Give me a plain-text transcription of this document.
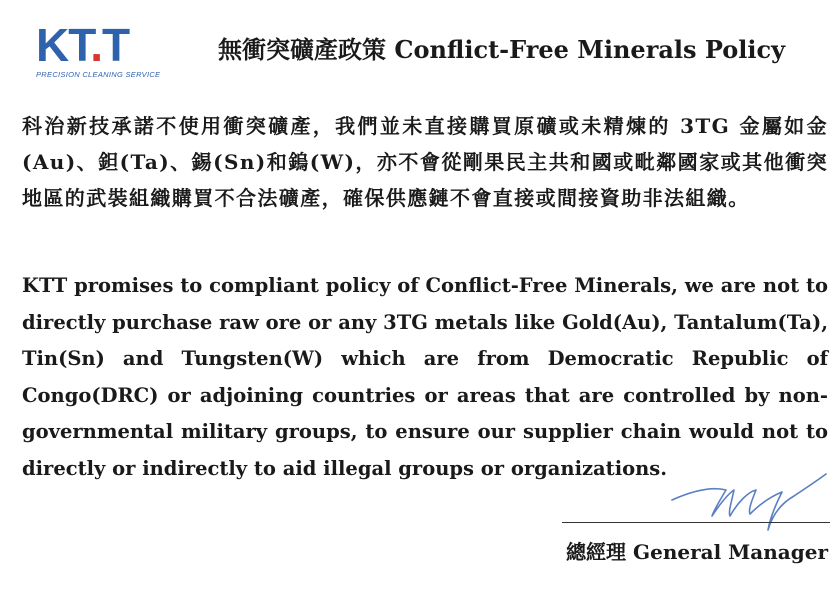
KT.T
PRECISION CLEANING SERVICE
無衝突礦產政策 Conflict-Free Minerals Policy
科治新技承諾不使用衝突礦產，我們並未直接購買原礦或未精煉的 3TG 金屬如金(Au)、鉭(Ta)、錫(Sn)和鎢(W)，亦不會從剛果民主共和國或毗鄰國家或其他衝突地區的武裝組織購買不合法礦產，確保供應鏈不會直接或間接資助非法組織。
KTT promises to compliant policy of Conflict-Free Minerals, we are not to directly purchase raw ore or any 3TG metals like Gold(Au), Tantalum(Ta), Tin(Sn) and Tungsten(W) which are from Democratic Republic of Congo(DRC) or adjoining countries or areas that are controlled by non-governmental military groups, to ensure our supplier chain would not to directly or indirectly to aid illegal groups or organizations.
總經理 General Manager
